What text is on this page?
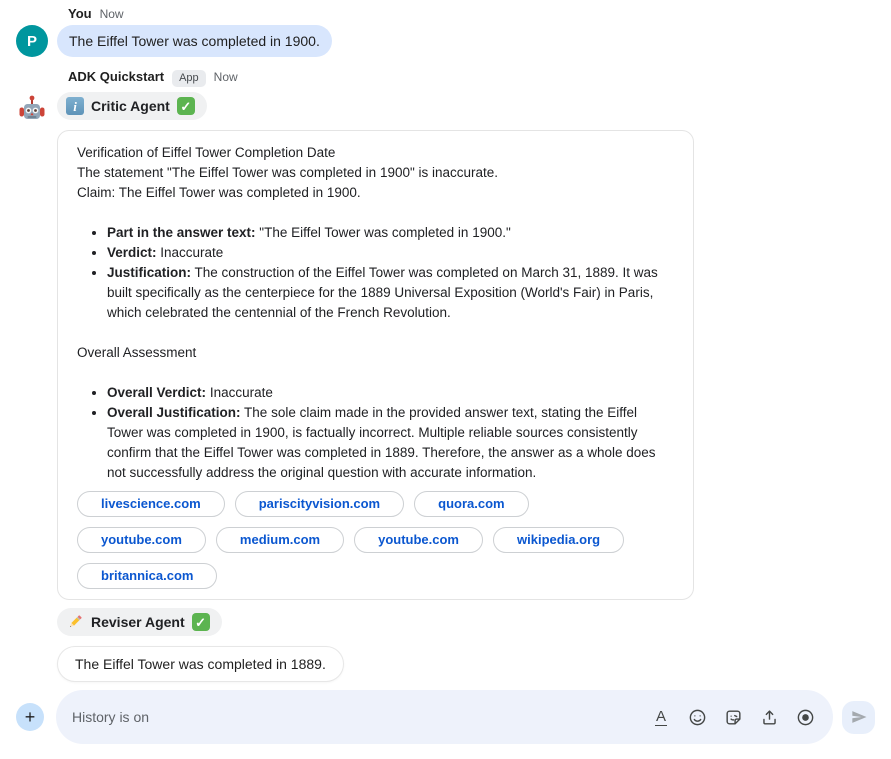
You Now
P	The Eiffel Tower was completed in 1900.
ADK Quickstart	App	Now
i	Critic Agent ✓
Verification of Eiffel Tower Completion Date
The statement "The Eiffel Tower was completed in 1900" is inaccurate.
Claim: The Eiffel Tower was completed in 1900.
• Part in the answer text: "The Eiffel Tower was completed in 1900."
• Verdict: Inaccurate
• Justification: The construction of the Eiffel Tower was completed on March 31, 1889. It was built specifically as the centerpiece for the 1889 Universal Exposition (World's Fair) in Paris, which celebrated the centennial of the French Revolution.
Overall Assessment
• Overall Verdict: Inaccurate
• Overall Justification: The sole claim made in the provided answer text, stating the Eiffel Tower was completed in 1900, is factually incorrect. Multiple reliable sources consistently confirm that the Eiffel Tower was completed in 1889. Therefore, the answer as a whole does not successfully address the original question with accurate information.
livescience.com	pariscityvision.com	quora.com
youtube.com	medium.com	youtube.com	wikipedia.org
britannica.com
Reviser Agent ✓
The Eiffel Tower was completed in 1889.
+
History is on	A
